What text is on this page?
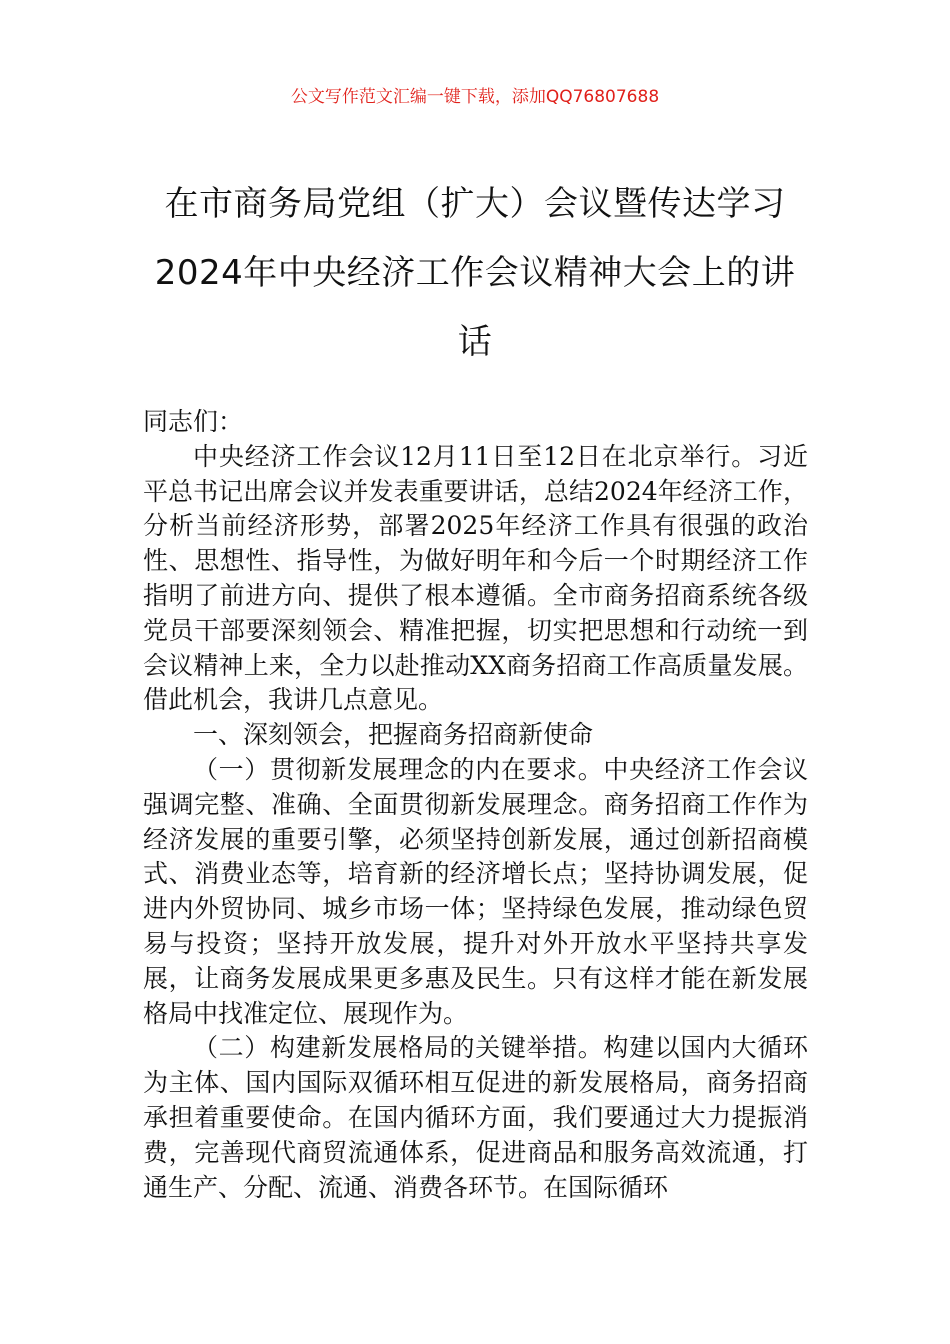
公文写作范文汇编一键下载，添加QQ76807688
在市商务局党组（扩大）会议暨传达学习
2024年中央经济工作会议精神大会上的讲
话

同志们：

中央经济工作会议12月11日至12日在北京举行。习近平总书记出席会议并发表重要讲话，总结2024年经济工作，分析当前经济形势，部署2025年经济工作具有很强的政治性、思想性、指导性，为做好明年和今后一个时期经济工作指明了前进方向、提供了根本遵循。全市商务招商系统各级党员干部要深刻领会、精准把握，切实把思想和行动统一到会议精神上来，全力以赴推动XX商务招商工作高质量发展。借此机会，我讲几点意见。

一、深刻领会，把握商务招商新使命

（一）贯彻新发展理念的内在要求。中央经济工作会议强调完整、准确、全面贯彻新发展理念。商务招商工作作为经济发展的重要引擎，必须坚持创新发展，通过创新招商模式、消费业态等，培育新的经济增长点；坚持协调发展，促进内外贸协同、城乡市场一体；坚持绿色发展，推动绿色贸易与投资；坚持开放发展，提升对外开放水平坚持共享发展，让商务发展成果更多惠及民生。只有这样才能在新发展格局中找准定位、展现作为。

（二）构建新发展格局的关键举措。构建以国内大循环为主体、国内国际双循环相互促进的新发展格局，商务招商承担着重要使命。在国内循环方面，我们要通过大力提振消费，完善现代商贸流通体系，促进商品和服务高效流通，打通生产、分配、流通、消费各环节。在国际循环
